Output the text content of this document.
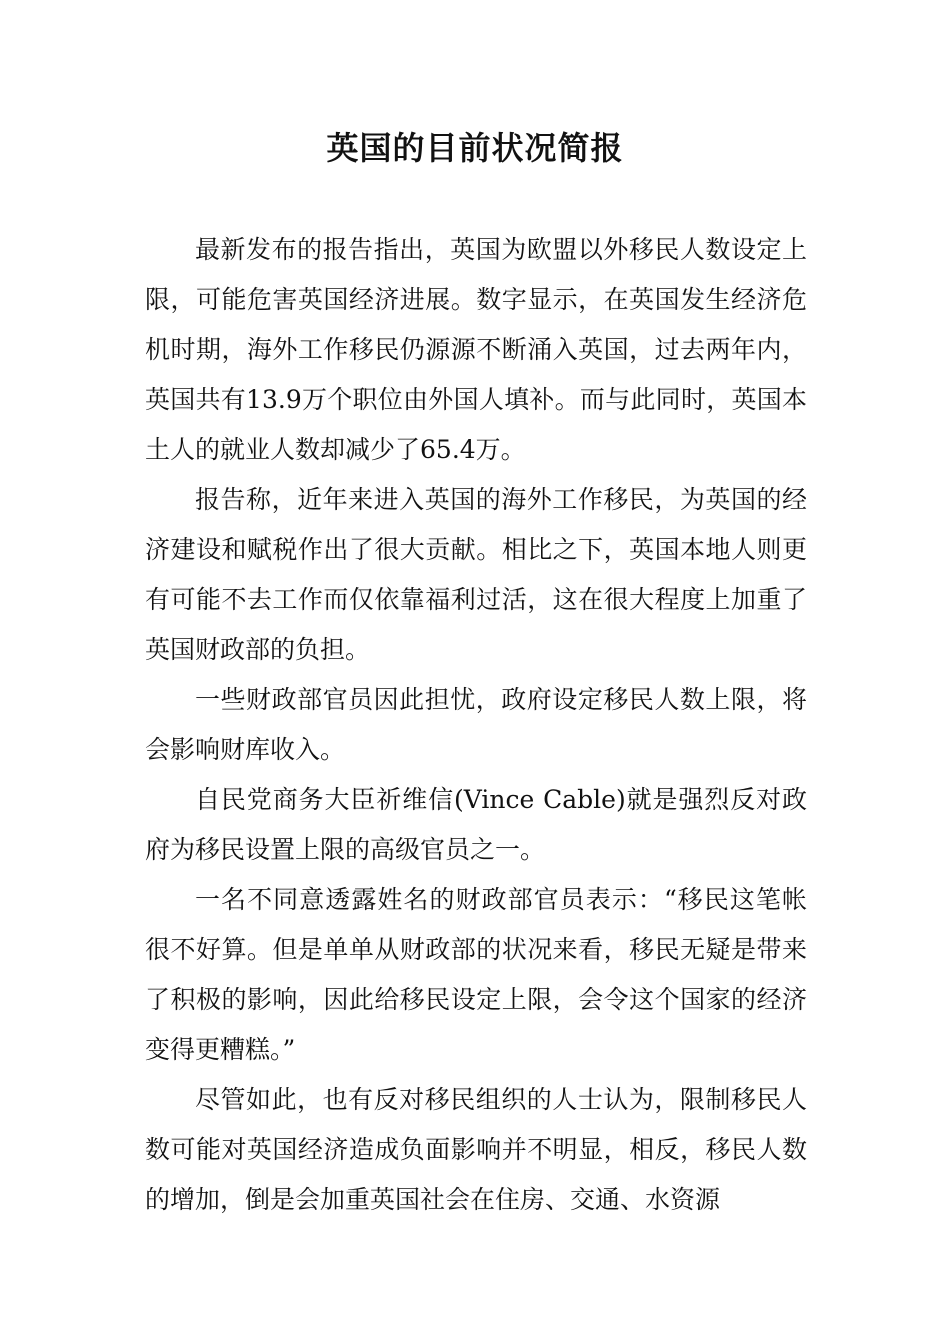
英国的目前状况简报

最新发布的报告指出，英国为欧盟以外移民人数设定上限，可能危害英国经济进展。数字显示，在英国发生经济危机时期，海外工作移民仍源源不断涌入英国，过去两年内，英国共有13.9万个职位由外国人填补。而与此同时，英国本土人的就业人数却减少了65.4万。

报告称，近年来进入英国的海外工作移民，为英国的经济建设和赋税作出了很大贡献。相比之下，英国本地人则更有可能不去工作而仅依靠福利过活，这在很大程度上加重了英国财政部的负担。

一些财政部官员因此担忧，政府设定移民人数上限，将会影响财库收入。

自民党商务大臣祈维信(Vince Cable)就是强烈反对政府为移民设置上限的高级官员之一。

一名不同意透露姓名的财政部官员表示：“移民这笔帐很不好算。但是单单从财政部的状况来看，移民无疑是带来了积极的影响，因此给移民设定上限，会令这个国家的经济变得更糟糕。”

尽管如此，也有反对移民组织的人士认为，限制移民人数可能对英国经济造成负面影响并不明显，相反，移民人数的增加，倒是会加重英国社会在住房、交通、水资源
